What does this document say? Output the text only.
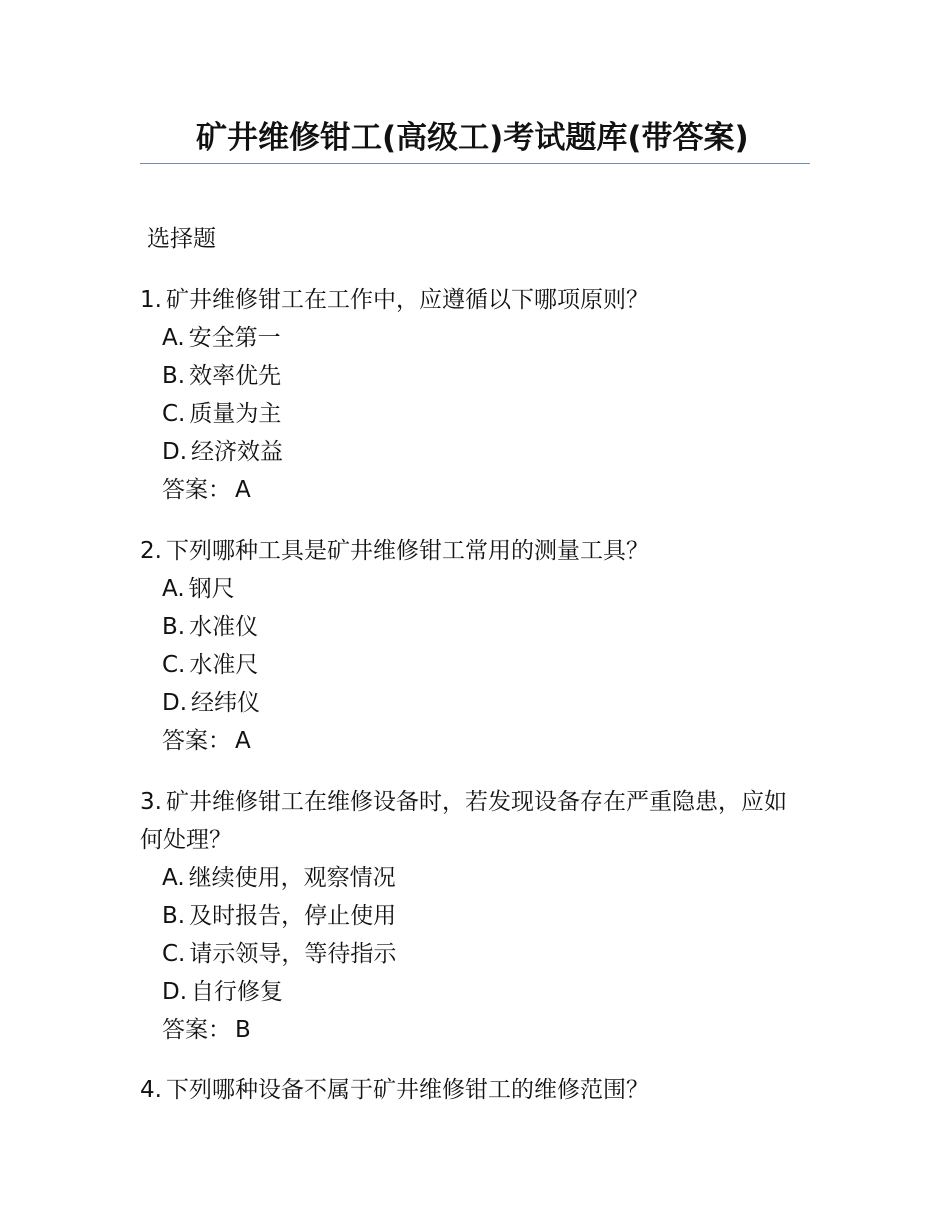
矿井维修钳工(高级工)考试题库(带答案)
选择题

1. 矿井维修钳工在工作中，应遵循以下哪项原则？

A. 安全第一

B. 效率优先

C. 质量为主

D. 经济效益

答案： A

2. 下列哪种工具是矿井维修钳工常用的测量工具？

A. 钢尺

B. 水准仪

C. 水准尺

D. 经纬仪

答案： A

3. 矿井维修钳工在维修设备时，若发现设备存在严重隐患，应如何处理？

A. 继续使用，观察情况

B. 及时报告，停止使用

C. 请示领导，等待指示

D. 自行修复

答案： B

4. 下列哪种设备不属于矿井维修钳工的维修范围？
